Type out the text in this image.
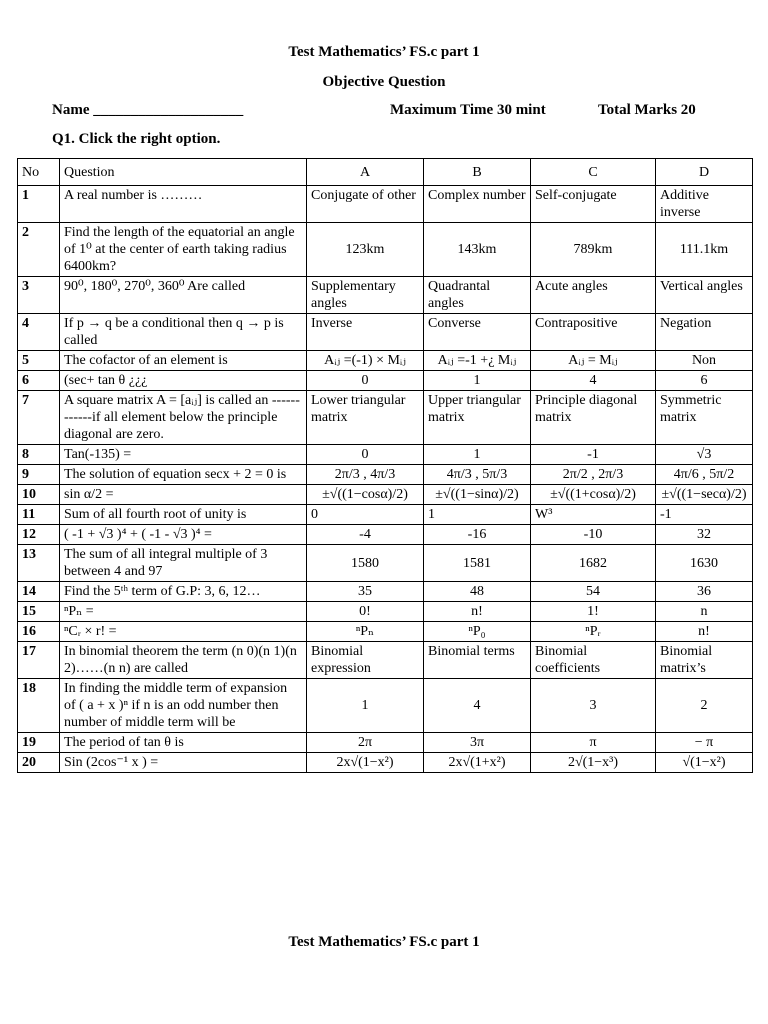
Test Mathematics’ FS.c part 1
Objective Question
Name ____________________	Maximum Time 30 mint	Total Marks 20
Q1. Click the right option.
No	Question	A	B	C	D
1	A real number is ………	Conjugate of other	Complex number	Self-conjugate	Additive inverse
2	Find the length of the equatorial an angle of 1⁰ at the center of earth taking radius 6400km?	123km	143km	789km	111.1km
3	90⁰, 180⁰, 270⁰, 360⁰ Are called	Supplementary angles	Quadrantal angles	Acute angles	Vertical angles
4	If p → q be a conditional then q → p is called	Inverse	Converse	Contrapositive	Negation
5	The cofactor of an element is	Aᵢⱼ =(-1) × Mᵢⱼ	Aᵢⱼ =-1 +¿ Mᵢⱼ	Aᵢⱼ = Mᵢⱼ	Non
6	(sec+ tan θ ¿¿¿	0	1	4	6
7	A square matrix A = [aᵢⱼ] is called an ------------if all element below the principle diagonal are zero.	Lower triangular matrix	Upper triangular matrix	Principle diagonal matrix	Symmetric matrix
8	Tan(-135) =	0	1	-1	√3
9	The solution of equation secx + 2 = 0 is	2π/3 , 4π/3	4π/3 , 5π/3	2π/2 , 2π/3	4π/6 , 5π/2
10	sin α/2 =	±√((1−cosα)/2)	±√((1−sinα)/2)	±√((1+cosα)/2)	±√((1−secα)/2)
11	Sum of all fourth root of unity is	0	1	W³	-1
12	( -1 + √3 )⁴ + ( -1 - √3 )⁴ =	-4	-16	-10	32
13	The sum of all integral multiple of 3 between 4 and 97	1580	1581	1682	1630
14	Find the 5ᵗʰ term of G.P: 3, 6, 12…	35	48	54	36
15	ⁿPₙ =	0!	n!	1!	n
16	ⁿCᵣ × r! =	ⁿPₙ	ⁿP₀	ⁿPᵣ	n!
17	In binomial theorem the term (n 0)(n 1)(n 2)……(n n) are called	Binomial expression	Binomial terms	Binomial coefficients	Binomial matrix’s
18	In finding the middle term of expansion of ( a + x )ⁿ if n is an odd number then number of middle term will be	1	4	3	2
19	The period of tan θ is	2π	3π	π	− π
20	Sin (2cos⁻¹ x ) =	2x√(1−x²)	2x√(1+x²)	2√(1−x³)	√(1−x²)
Test Mathematics’ FS.c part 1
